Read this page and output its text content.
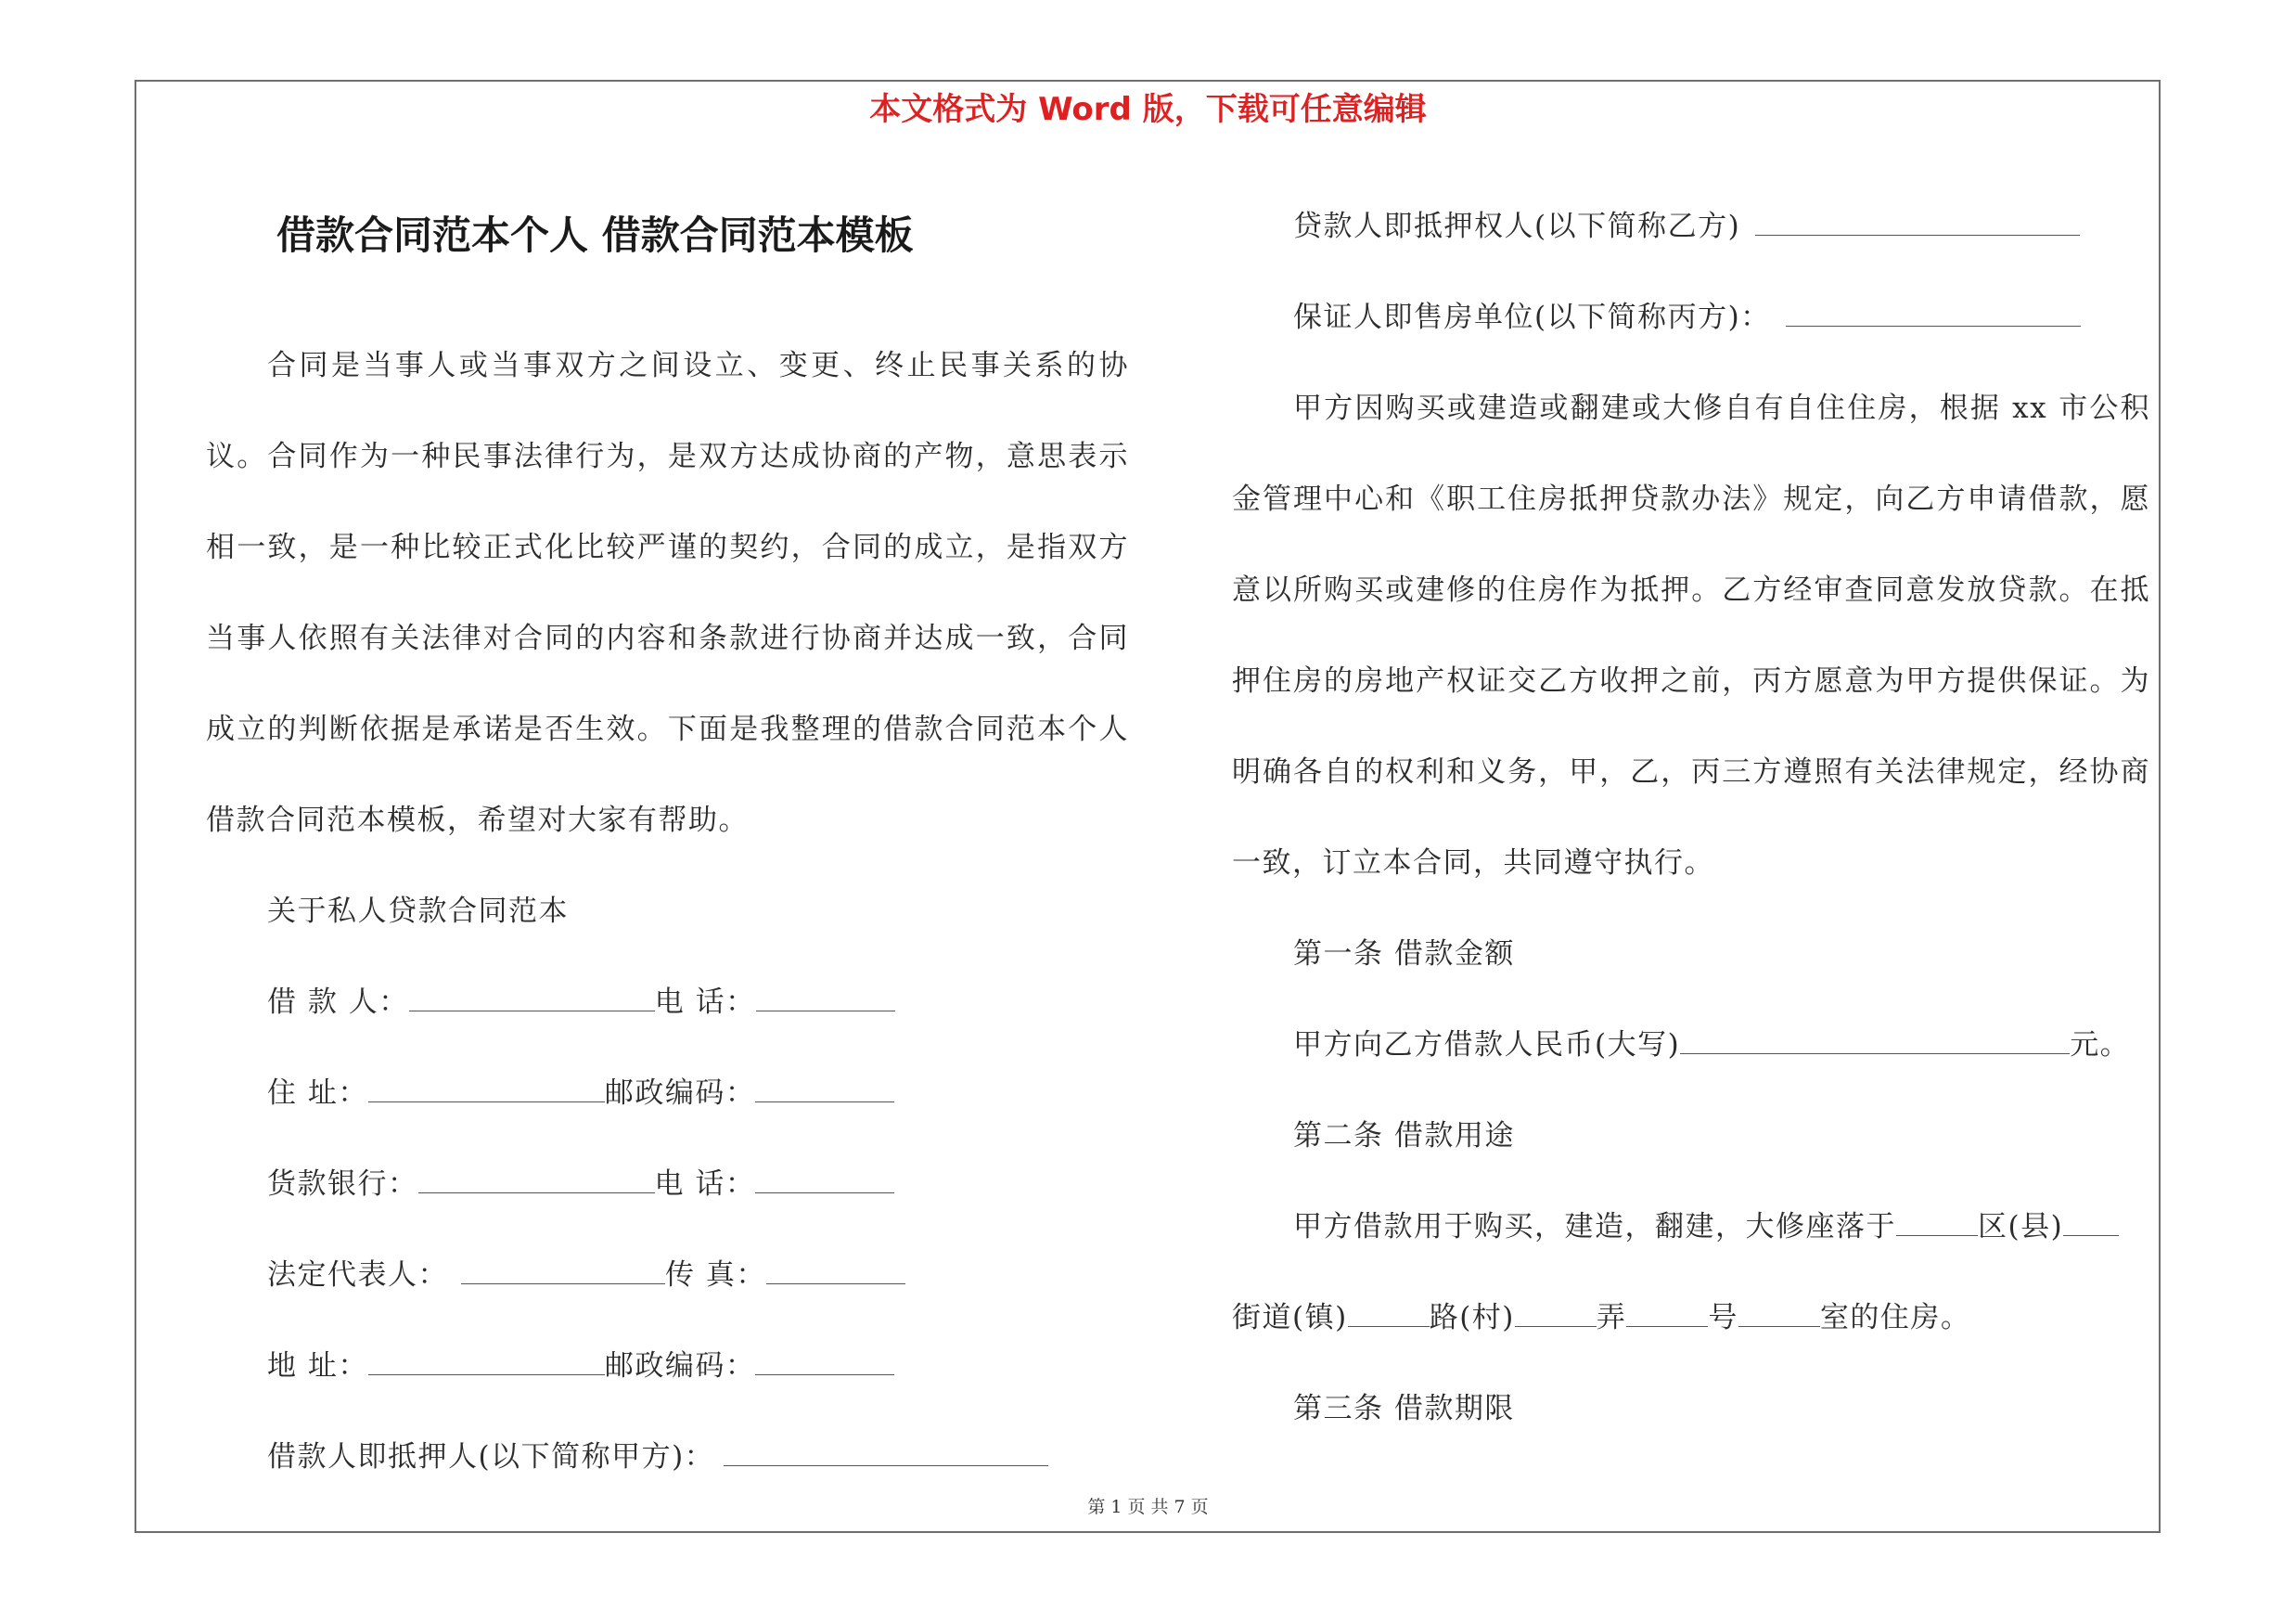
本文格式为 Word 版，下载可任意编辑
借款合同范本个人 借款合同范本模板

合同是当事人或当事双方之间设立、变更、终止民事关系的协议。合同作为一种民事法律行为，是双方达成协商的产物，意思表示相一致，是一种比较正式化比较严谨的契约，合同的成立，是指双方当事人依照有关法律对合同的内容和条款进行协商并达成一致，合同成立的判断依据是承诺是否生效。下面是我整理的借款合同范本个人 借款合同范本模板，希望对大家有帮助。

关于私人贷款合同范本

借 款 人：	电 话：

住 址：	邮政编码：

货款银行：	电 话：

法定代表人：	传 真：

地 址：	邮政编码：

借款人即抵押人(以下简称甲方)：

贷款人即抵押权人(以下简称乙方)

保证人即售房单位(以下简称丙方)：

甲方因购买或建造或翻建或大修自有自住住房，根据 xx 市公积金管理中心和《职工住房抵押贷款办法》规定，向乙方申请借款，愿意以所购买或建修的住房作为抵押。乙方经审查同意发放贷款。在抵押住房的房地产权证交乙方收押之前，丙方愿意为甲方提供保证。为明确各自的权利和义务，甲，乙，丙三方遵照有关法律规定，经协商一致，订立本合同，共同遵守执行。

第一条 借款金额

甲方向乙方借款人民币(大写)	元。

第二条 借款用途

甲方借款用于购买，建造，翻建，大修座落于	区(县)

街道(镇)	路(村)	弄	号	室的住房。

第三条 借款期限

第 1 页 共 7 页
